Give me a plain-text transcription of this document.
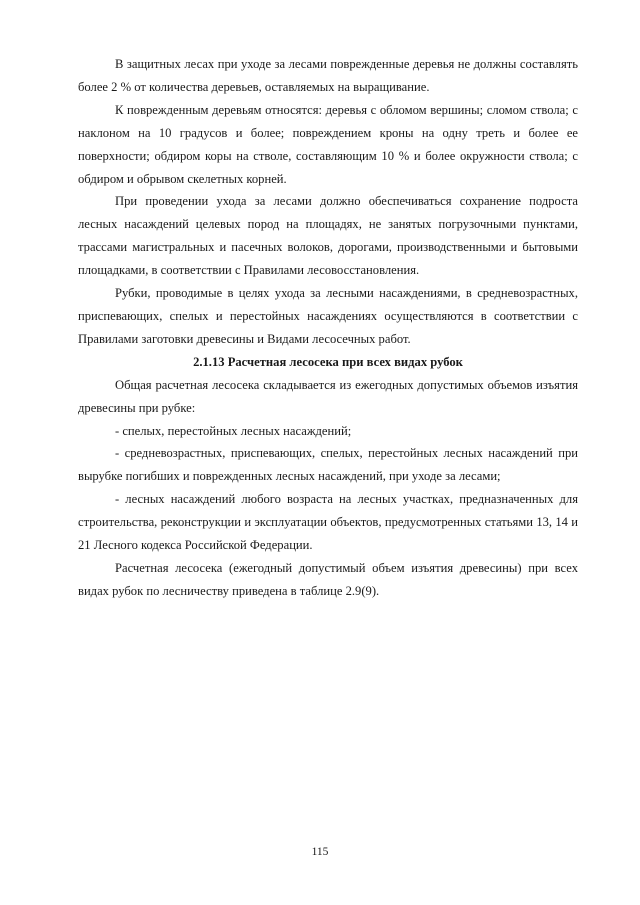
В защитных лесах при уходе за лесами поврежденные деревья не должны составлять более 2 % от количества деревьев, оставляемых на выращивание.

К поврежденным деревьям относятся: деревья с обломом вершины; сломом ствола; с наклоном на 10 градусов и более; повреждением кроны на одну треть и более ее поверхности; обдиром коры на стволе, составляющим 10 % и более окружности ствола; с обдиром и обрывом скелетных корней.

При проведении ухода за лесами должно обеспечиваться сохранение подроста лесных насаждений целевых пород на площадях, не занятых погрузочными пунктами, трассами магистральных и пасечных волоков, дорогами, производственными и бытовыми площадками, в соответствии с Правилами лесовосстановления.

Рубки, проводимые в целях ухода за лесными насаждениями, в средневозрастных, приспевающих, спелых и перестойных насаждениях осуществляются в соответствии с Правилами заготовки древесины и Видами лесосечных работ.

2.1.13 Расчетная лесосека при всех видах рубок

Общая расчетная лесосека складывается из ежегодных допустимых объемов изъятия древесины при рубке:

- спелых, перестойных лесных насаждений;

- средневозрастных, приспевающих, спелых, перестойных лесных насаждений при вырубке погибших и поврежденных лесных насаждений, при уходе за лесами;

- лесных насаждений любого возраста на лесных участках, предназначенных для строительства, реконструкции и эксплуатации объектов, предусмотренных статьями 13, 14 и 21 Лесного кодекса Российской Федерации.

Расчетная лесосека (ежегодный допустимый объем изъятия древесины) при всех видах рубок по лесничеству приведена в таблице 2.9(9).

115
